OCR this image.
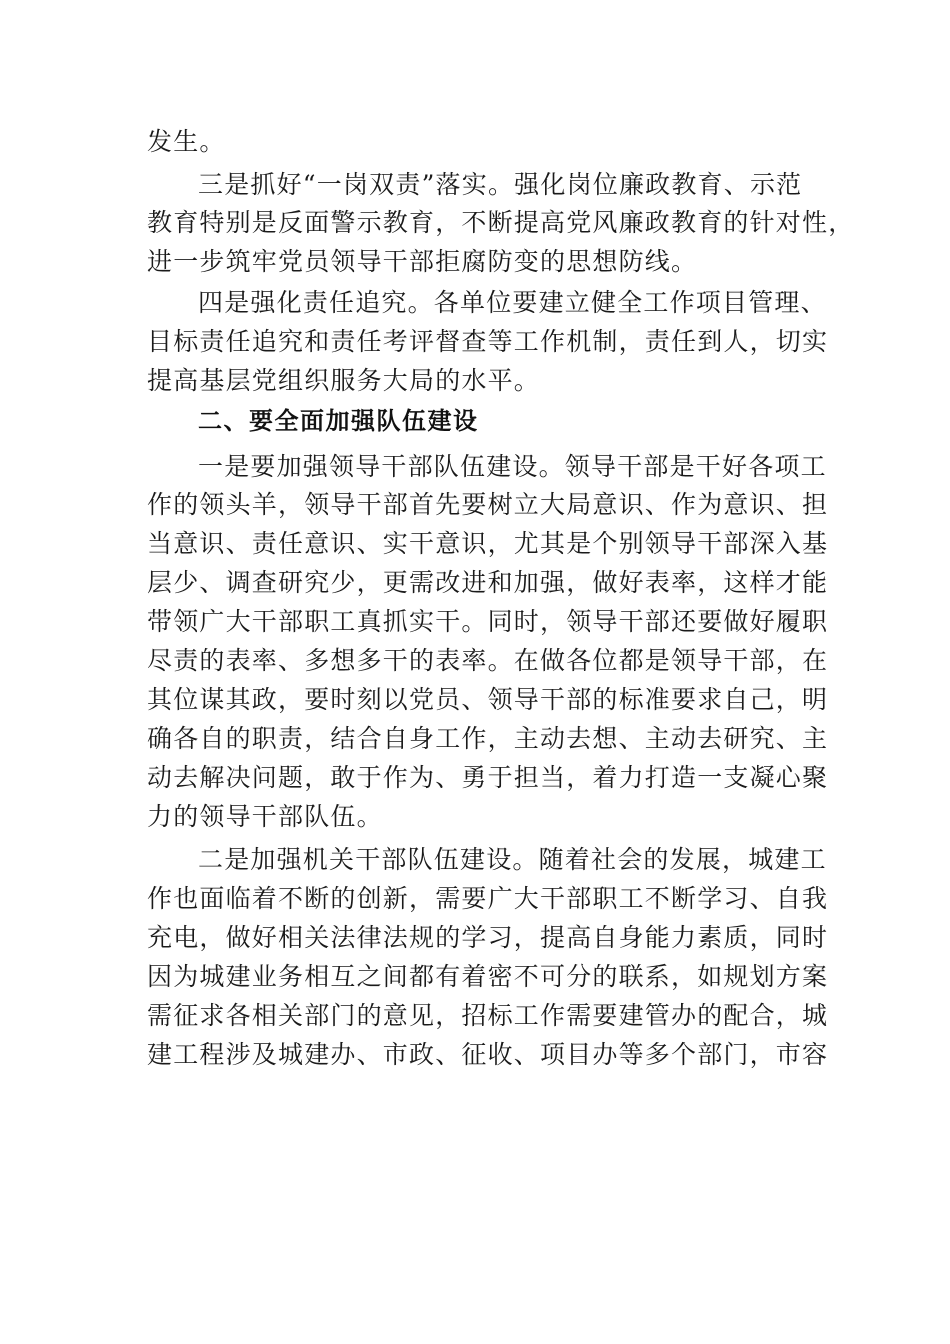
发生。
三是抓好“一岗双责”落实。强化岗位廉政教育、示范
教育特别是反面警示教育，不断提高党风廉政教育的针对性，
进一步筑牢党员领导干部拒腐防变的思想防线。
四是强化责任追究。各单位要建立健全工作项目管理、
目标责任追究和责任考评督查等工作机制，责任到人，切实
提高基层党组织服务大局的水平。
二、要全面加强队伍建设
一是要加强领导干部队伍建设。领导干部是干好各项工
作的领头羊，领导干部首先要树立大局意识、作为意识、担
当意识、责任意识、实干意识，尤其是个别领导干部深入基
层少、调查研究少，更需改进和加强，做好表率，这样才能
带领广大干部职工真抓实干。同时，领导干部还要做好履职
尽责的表率、多想多干的表率。在做各位都是领导干部，在
其位谋其政，要时刻以党员、领导干部的标准要求自己，明
确各自的职责，结合自身工作，主动去想、主动去研究、主
动去解决问题，敢于作为、勇于担当，着力打造一支凝心聚
力的领导干部队伍。
二是加强机关干部队伍建设。随着社会的发展，城建工
作也面临着不断的创新，需要广大干部职工不断学习、自我
充电，做好相关法律法规的学习，提高自身能力素质，同时
因为城建业务相互之间都有着密不可分的联系，如规划方案
需征求各相关部门的意见，招标工作需要建管办的配合，城
建工程涉及城建办、市政、征收、项目办等多个部门，市容
